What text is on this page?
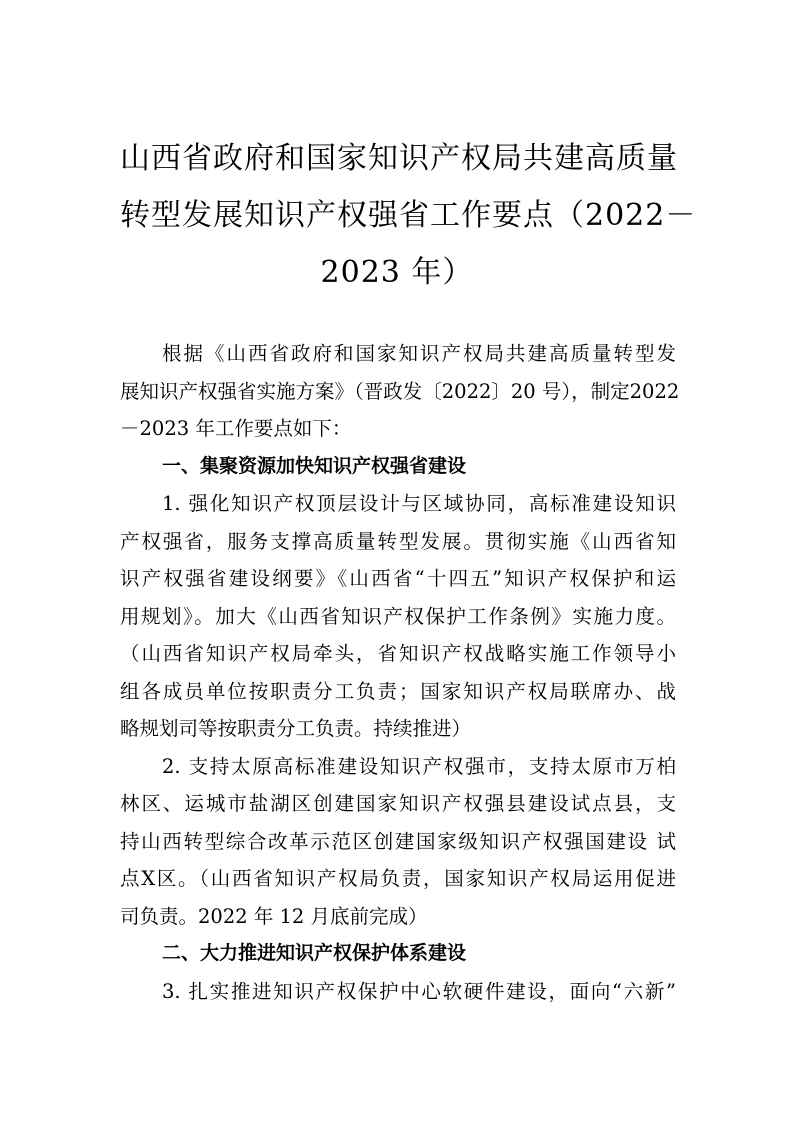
山西省政府和国家知识产权局共建高质量
转型发展知识产权强省工作要点（2022－
2023 年）
根据《山西省政府和国家知识产权局共建高质量转型发
展知识产权强省实施方案》（晋政发〔2022〕20 号），制定2022
－2023 年工作要点如下：
一、集聚资源加快知识产权强省建设
1. 强化知识产权顶层设计与区域协同，高标准建设知识
产权强省，服务支撑高质量转型发展。贯彻实施《山西省知
识产权强省建设纲要》《山西省“十四五”知识产权保护和运
用规划》。加大《山西省知识产权保护工作条例》实施力度。
（山西省知识产权局牵头，省知识产权战略实施工作领导小
组各成员单位按职责分工负责；国家知识产权局联席办、战
略规划司等按职责分工负责。持续推进）
2. 支持太原高标准建设知识产权强市，支持太原市万柏
林区、运城市盐湖区创建国家知识产权强县建设试点县，支
持山西转型综合改革示范区创建国家级知识产权强国建设 试
点X区。（山西省知识产权局负责，国家知识产权局运用促进
司负责。2022 年 12 月底前完成）
二、大力推进知识产权保护体系建设
3. 扎实推进知识产权保护中心软硬件建设，面向“六新”
